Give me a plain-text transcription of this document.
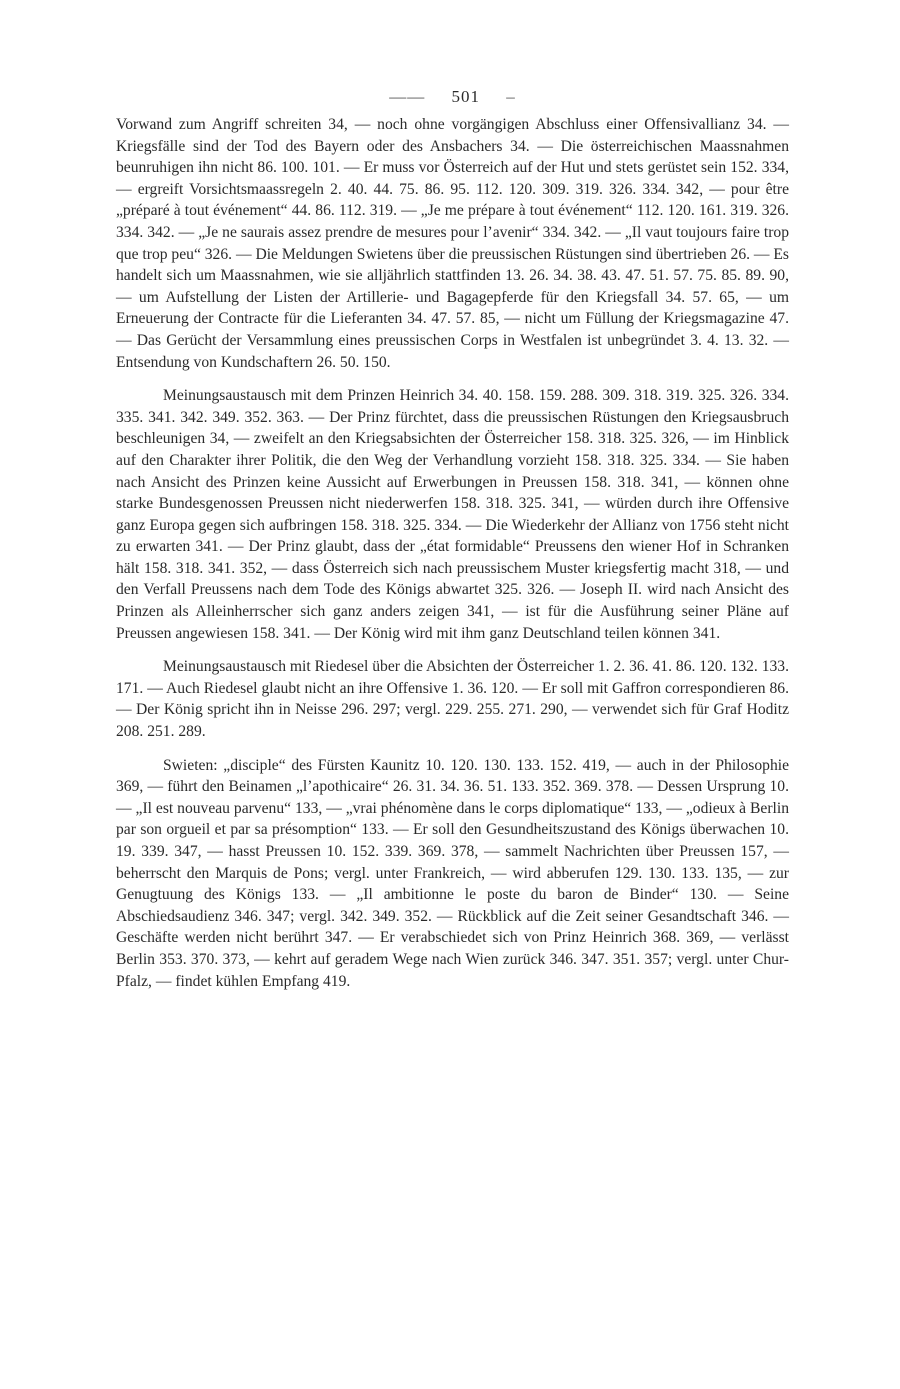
—— 501 –

Vorwand zum Angriff schreiten 34, — noch ohne vorgängigen Abschluss einer Offensivallianz 34. — Kriegsfälle sind der Tod des Bayern oder des Ansbachers 34. — Die österreichischen Maassnahmen beunruhigen ihn nicht 86. 100. 101. — Er muss vor Österreich auf der Hut und stets gerüstet sein 152. 334, — ergreift Vorsichtsmaassregeln 2. 40. 44. 75. 86. 95. 112. 120. 309. 319. 326. 334. 342, — pour être „préparé à tout événement“ 44. 86. 112. 319. — „Je me prépare à tout événement“ 112. 120. 161. 319. 326. 334. 342. — „Je ne saurais assez prendre de mesures pour l’avenir“ 334. 342. — „Il vaut toujours faire trop que trop peu“ 326. — Die Meldungen Swietens über die preussischen Rüstungen sind übertrieben 26. — Es handelt sich um Maassnahmen, wie sie alljährlich stattfinden 13. 26. 34. 38. 43. 47. 51. 57. 75. 85. 89. 90, — um Aufstellung der Listen der Artillerie- und Bagagepferde für den Kriegsfall 34. 57. 65, — um Erneuerung der Contracte für die Lieferanten 34. 47. 57. 85, — nicht um Füllung der Kriegsmagazine 47. — Das Gerücht der Versammlung eines preussischen Corps in Westfalen ist unbegründet 3. 4. 13. 32. — Entsendung von Kundschaftern 26. 50. 150.

Meinungsaustausch mit dem Prinzen Heinrich 34. 40. 158. 159. 288. 309. 318. 319. 325. 326. 334. 335. 341. 342. 349. 352. 363. — Der Prinz fürchtet, dass die preussischen Rüstungen den Kriegsausbruch beschleunigen 34, — zweifelt an den Kriegsabsichten der Österreicher 158. 318. 325. 326, — im Hinblick auf den Charakter ihrer Politik, die den Weg der Verhandlung vorzieht 158. 318. 325. 334. — Sie haben nach Ansicht des Prinzen keine Aussicht auf Erwerbungen in Preussen 158. 318. 341, — können ohne starke Bundesgenossen Preussen nicht niederwerfen 158. 318. 325. 341, — würden durch ihre Offensive ganz Europa gegen sich aufbringen 158. 318. 325. 334. — Die Wiederkehr der Allianz von 1756 steht nicht zu erwarten 341. — Der Prinz glaubt, dass der „état formidable“ Preussens den wiener Hof in Schranken hält 158. 318. 341. 352, — dass Österreich sich nach preussischem Muster kriegsfertig macht 318, — und den Verfall Preussens nach dem Tode des Königs abwartet 325. 326. — Joseph II. wird nach Ansicht des Prinzen als Alleinherrscher sich ganz anders zeigen 341, — ist für die Ausführung seiner Pläne auf Preussen angewiesen 158. 341. — Der König wird mit ihm ganz Deutschland teilen können 341.

Meinungsaustausch mit Riedesel über die Absichten der Österreicher 1. 2. 36. 41. 86. 120. 132. 133. 171. — Auch Riedesel glaubt nicht an ihre Offensive 1. 36. 120. — Er soll mit Gaffron correspondieren 86. — Der König spricht ihn in Neisse 296. 297; vergl. 229. 255. 271. 290, — verwendet sich für Graf Hoditz 208. 251. 289.

Swieten: „disciple“ des Fürsten Kaunitz 10. 120. 130. 133. 152. 419, — auch in der Philosophie 369, — führt den Beinamen „l’apothicaire“ 26. 31. 34. 36. 51. 133. 352. 369. 378. — Dessen Ursprung 10. — „Il est nouveau parvenu“ 133, — „vrai phénomène dans le corps diplomatique“ 133, — „odieux à Berlin par son orgueil et par sa présomption“ 133. — Er soll den Gesundheitszustand des Königs überwachen 10. 19. 339. 347, — hasst Preussen 10. 152. 339. 369. 378, — sammelt Nachrichten über Preussen 157, — beherrscht den Marquis de Pons; vergl. unter Frankreich, — wird abberufen 129. 130. 133. 135, — zur Genugtuung des Königs 133. — „Il ambitionne le poste du baron de Binder“ 130. — Seine Abschiedsaudienz 346. 347; vergl. 342. 349. 352. — Rückblick auf die Zeit seiner Gesandtschaft 346. — Geschäfte werden nicht berührt 347. — Er verabschiedet sich von Prinz Heinrich 368. 369, — verlässt Berlin 353. 370. 373, — kehrt auf geradem Wege nach Wien zurück 346. 347. 351. 357; vergl. unter Chur-Pfalz, — findet kühlen Empfang 419.
